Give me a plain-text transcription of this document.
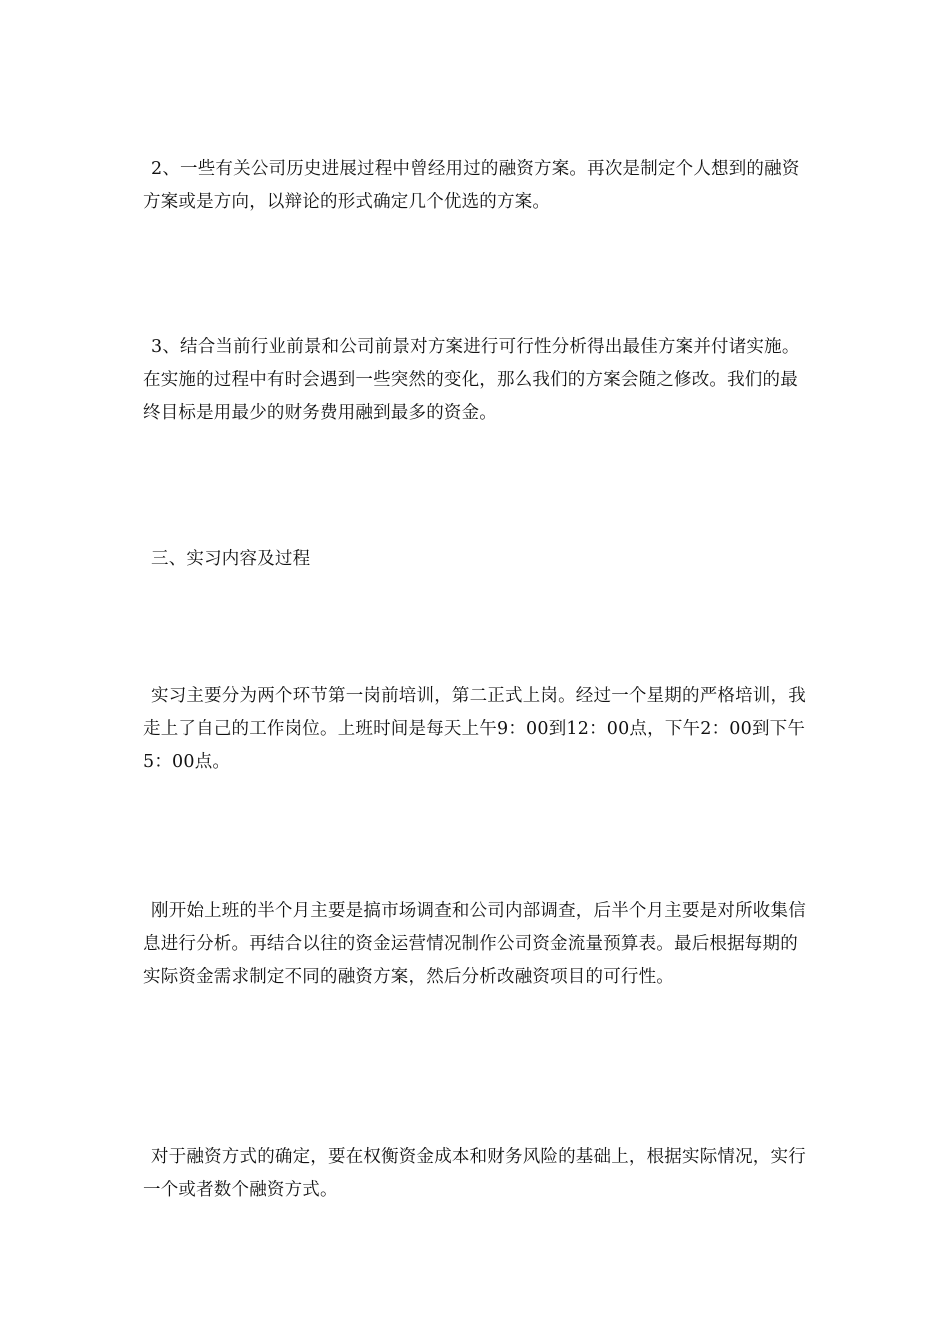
2、一些有关公司历史进展过程中曾经用过的融资方案。再次是制定个人想到的融资方案或是方向，以辩论的形式确定几个优选的方案。

3、结合当前行业前景和公司前景对方案进行可行性分析得出最佳方案并付诸实施。在实施的过程中有时会遇到一些突然的变化，那么我们的方案会随之修改。我们的最终目标是用最少的财务费用融到最多的资金。

三、实习内容及过程

实习主要分为两个环节第一岗前培训，第二正式上岗。经过一个星期的严格培训，我走上了自己的工作岗位。上班时间是每天上午9：00到12：00点，下午2：00到下午5：00点。

刚开始上班的半个月主要是搞市场调查和公司内部调查，后半个月主要是对所收集信息进行分析。再结合以往的资金运营情况制作公司资金流量预算表。最后根据每期的实际资金需求制定不同的融资方案，然后分析改融资项目的可行性。

对于融资方式的确定，要在权衡资金成本和财务风险的基础上，根据实际情况，实行一个或者数个融资方式。
